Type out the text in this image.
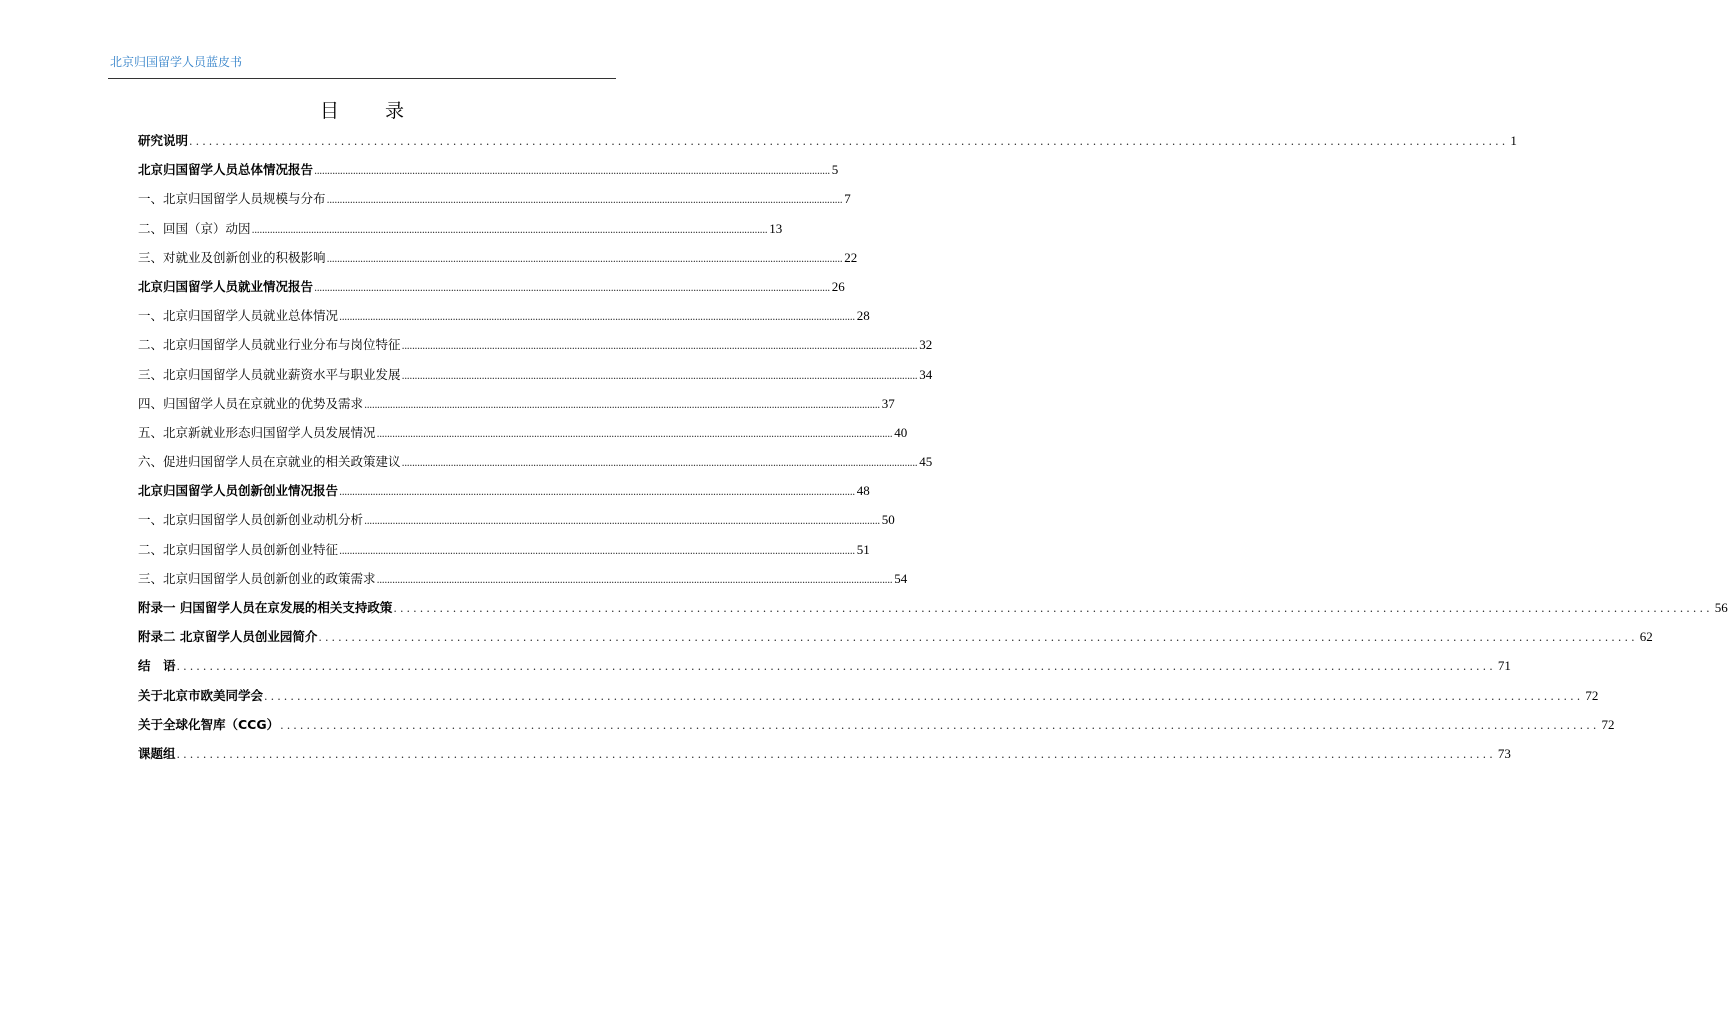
北京归国留学人员蓝皮书
目 录
研究说明 ........................................................................................................................................................................................................ 1
北京归国留学人员总体情况报告 ........................................................................................................................................................................................................ 5
一、北京归国留学人员规模与分布 ........................................................................................................................................................................................................ 7
二、回国（京）动因 ........................................................................................................................................................................................................ 13
三、对就业及创新创业的积极影响 ........................................................................................................................................................................................................ 22
北京归国留学人员就业情况报告 ........................................................................................................................................................................................................ 26
一、北京归国留学人员就业总体情况 ........................................................................................................................................................................................................ 28
二、北京归国留学人员就业行业分布与岗位特征 ........................................................................................................................................................................................................ 32
三、北京归国留学人员就业薪资水平与职业发展 ........................................................................................................................................................................................................ 34
四、归国留学人员在京就业的优势及需求 ........................................................................................................................................................................................................ 37
五、北京新就业形态归国留学人员发展情况 ........................................................................................................................................................................................................ 40
六、促进归国留学人员在京就业的相关政策建议 ........................................................................................................................................................................................................ 45
北京归国留学人员创新创业情况报告 ........................................................................................................................................................................................................ 48
一、北京归国留学人员创新创业动机分析 ........................................................................................................................................................................................................ 50
二、北京归国留学人员创新创业特征 ........................................................................................................................................................................................................ 51
三、北京归国留学人员创新创业的政策需求 ........................................................................................................................................................................................................ 54
附录一 归国留学人员在京发展的相关支持政策 ........................................................................................................................................................................................................ 56
附录二 北京留学人员创业园简介 ........................................................................................................................................................................................................ 62
结　语 ........................................................................................................................................................................................................ 71
关于北京市欧美同学会 ........................................................................................................................................................................................................ 72
关于全球化智库（CCG） ........................................................................................................................................................................................................ 72
课题组 ........................................................................................................................................................................................................ 73
